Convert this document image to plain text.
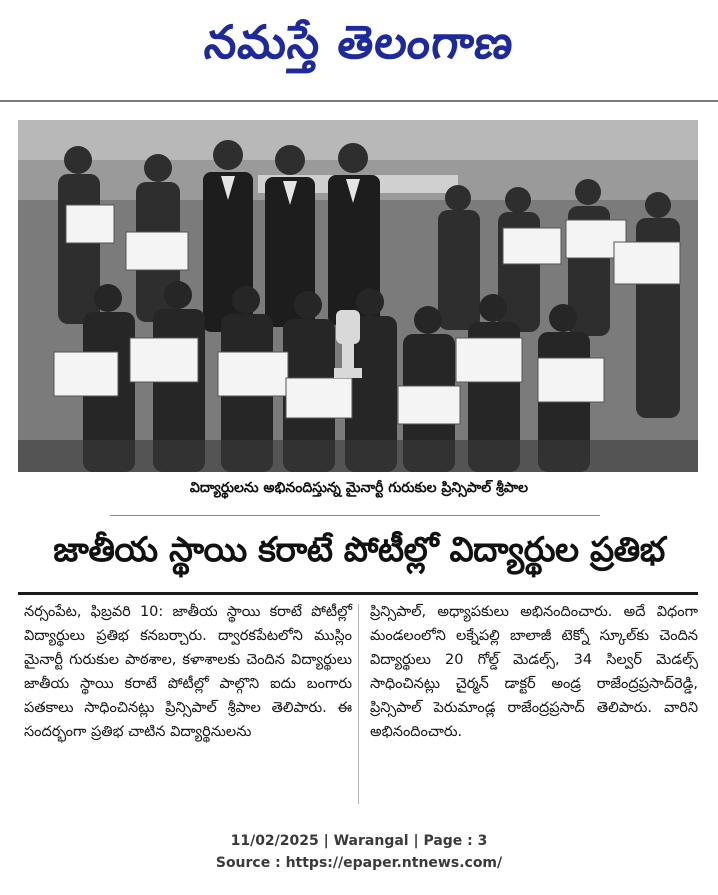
నమస్తే తెలంగాణ
విద్యార్థులను అభినందిస్తున్న మైనార్టీ గురుకుల ప్రిన్సిపాల్ శ్రీపాల
జాతీయ స్థాయి కరాటే పోటీల్లో విద్యార్థుల ప్రతిభ
నర్సంపేట, ఫిబ్రవరి 10: జాతీయ స్థాయి కరాటే పోటీల్లో విద్యార్థులు ప్రతిభ కనబర్చారు. ద్వారకపేటలోని ముస్లిం మైనార్టీ గురుకుల పాఠశాల, కళాశాలకు చెందిన విద్యార్థులు జాతీయ స్థాయి కరాటే పోటీల్లో పాల్గొని ఐదు బంగారు పతకాలు సాధించినట్లు ప్రిన్సిపాల్ శ్రీపాల తెలిపారు. ఈ సందర్భంగా ప్రతిభ చాటిన విద్యార్థినులను
ప్రిన్సిపాల్, అధ్యాపకులు అభినందించారు. అదే విధంగా మండలంలోని లక్నేపల్లి బాలాజీ టెక్నో స్కూల్‌కు చెందిన విద్యార్థులు 20 గోల్డ్ మెడల్స్, 34 సిల్వర్ మెడల్స్ సాధించినట్లు చైర్మన్ డాక్టర్ అండ్ర రాజేంద్రప్రసాద్‌రెడ్డి, ప్రిన్సిపాల్ పెరుమాండ్ల రాజేంద్రప్రసాద్ తెలిపారు. వారిని అభినందించారు.
11/02/2025 | Warangal | Page : 3
Source : https://epaper.ntnews.com/
